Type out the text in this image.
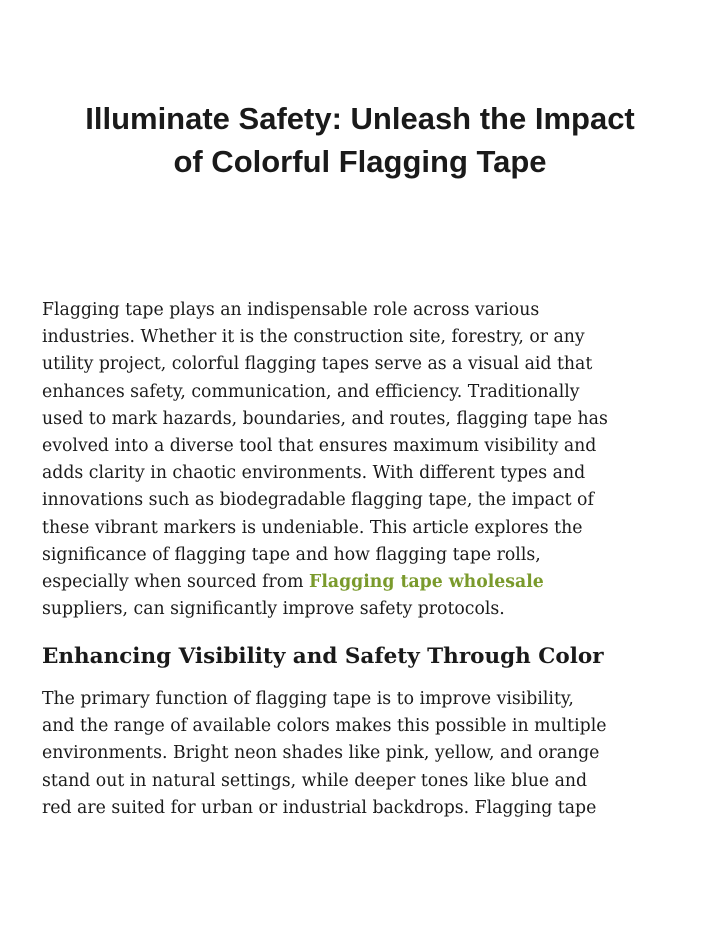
Illuminate Safety: Unleash the Impact
of Colorful Flagging Tape

Flagging tape plays an indispensable role across various
industries. Whether it is the construction site, forestry, or any
utility project, colorful flagging tapes serve as a visual aid that
enhances safety, communication, and efficiency. Traditionally
used to mark hazards, boundaries, and routes, flagging tape has
evolved into a diverse tool that ensures maximum visibility and
adds clarity in chaotic environments. With different types and
innovations such as biodegradable flagging tape, the impact of
these vibrant markers is undeniable. This article explores the
significance of flagging tape and how flagging tape rolls,
especially when sourced from Flagging tape wholesale
suppliers, can significantly improve safety protocols.

Enhancing Visibility and Safety Through Color

The primary function of flagging tape is to improve visibility,
and the range of available colors makes this possible in multiple
environments. Bright neon shades like pink, yellow, and orange
stand out in natural settings, while deeper tones like blue and
red are suited for urban or industrial backdrops. Flagging tape
